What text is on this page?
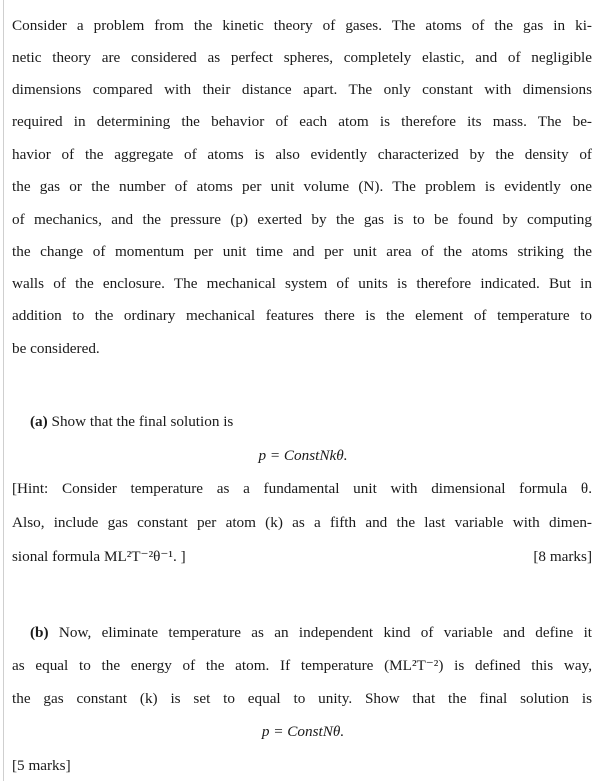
Consider a problem from the kinetic theory of gases. The atoms of the gas in ki-
netic theory are considered as perfect spheres, completely elastic, and of negligible
dimensions compared with their distance apart. The only constant with dimensions
required in determining the behavior of each atom is therefore its mass. The be-
havior of the aggregate of atoms is also evidently characterized by the density of
the gas or the number of atoms per unit volume (N). The problem is evidently one
of mechanics, and the pressure (p) exerted by the gas is to be found by computing
the change of momentum per unit time and per unit area of the atoms striking the
walls of the enclosure. The mechanical system of units is therefore indicated. But in
addition to the ordinary mechanical features there is the element of temperature to
be considered.
(a) Show that the final solution is
p = ConstNkθ.
[Hint: Consider temperature as a fundamental unit with dimensional formula θ.
Also, include gas constant per atom (k) as a fifth and the last variable with dimen-
sional formula ML²T⁻²θ⁻¹. ]	[8 marks]
(b) Now, eliminate temperature as an independent kind of variable and define it
as equal to the energy of the atom. If temperature (ML²T⁻²) is defined this way,
the gas constant (k) is set to equal to unity. Show that the final solution is
p = ConstNθ.
[5 marks]
